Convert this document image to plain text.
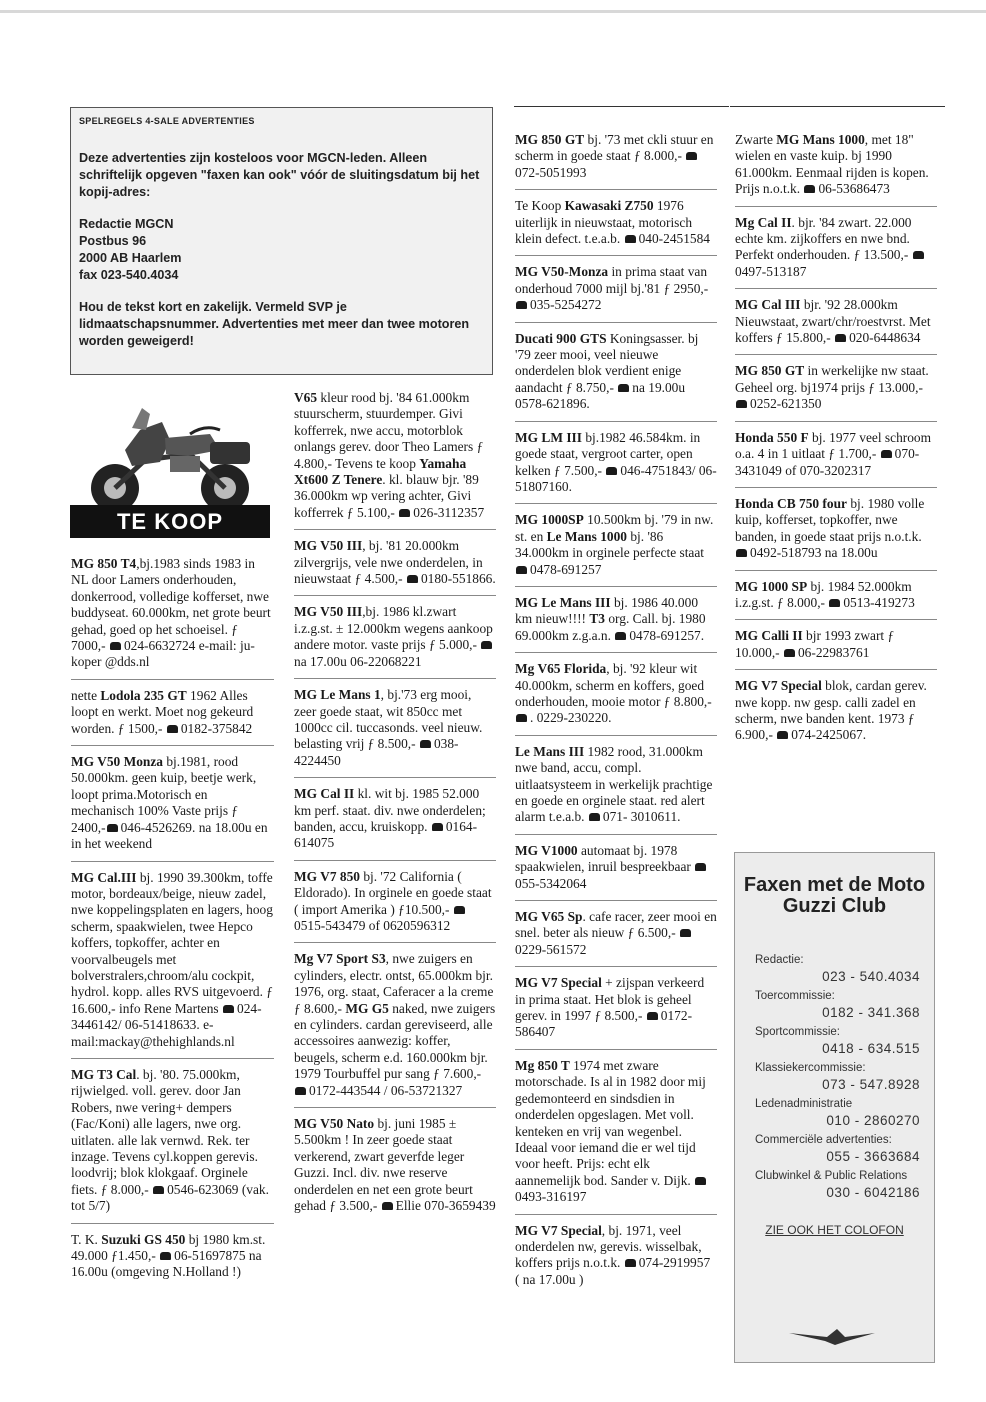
SPELREGELS 4-SALE ADVERTENTIES

Deze advertenties zijn kosteloos voor MGCN-leden. Alleen schriftelijk opgeven "faxen kan ook" vóór de sluitingsdatum bij het kopij-adres:

Redactie MGCN

Postbus 96

2000 AB Haarlem

fax 023-540.4034

Hou de tekst kort en zakelijk. Vermeld SVP je lidmaatschapsnummer. Advertenties met meer dan twee motoren worden geweigerd!

TE KOOP
MG 850 T4,bj.1983 sinds 1983 in NL door Lamers onderhouden, donkerrood, volledige kofferset, nwe buddyseat. 60.000km, net grote beurt gehad, goed op het schoeisel. ƒ 7000,- 024-6632724 e-mail: ju-koper @dds.nl
nette Lodola 235 GT 1962 Alles loopt en werkt. Moet nog gekeurd worden. ƒ 1500,- 0182-375842
MG V50 Monza bj.1981, rood 50.000km. geen kuip, beetje werk, loopt prima.Motorisch en mechanisch 100% Vaste prijs ƒ 2400,- 046-4526269. na 18.00u en in het weekend
MG Cal.III bj. 1990 39.300km, toffe motor, bordeaux/beige, nieuw zadel, nwe koppelingsplaten en lagers, hoog scherm, spaakwielen, twee Hepco koffers, topkoffer, achter en voorvalbeugels met bolverstralers,chroom/alu cockpit, hydrol. kopp. alles RVS uitgevoerd. ƒ 16.600,- info Rene Martens 024-3446142/ 06-51418633. e-mail:mackay@thehighlands.nl
MG T3 Cal. bj. '80. 75.000km, rijwielged. voll. gerev. door Jan Robers, nwe vering+ dempers (Fac/Koni) alle lagers, nwe org. uitlaten. alle lak vernwd. Rek. ter inzage. Tevens cyl.koppen gerevis. loodvrij; blok klokgaaf. Orginele fiets. ƒ 8.000,- 0546-623069 (vak. tot 5/7)
T. K. Suzuki GS 450 bj 1980 km.st. 49.000 ƒ1.450,- 06-51697875 na 16.00u (omgeving N.Holland !)
V65 kleur rood bj. '84 61.000km stuurscherm, stuurdemper. Givi kofferrek, nwe accu, motorblok onlangs gerev. door Theo Lamers ƒ 4.800,- Tevens te koop Yamaha Xt600 Z Tenere. kl. blauw bjr. '89 36.000km wp vering achter, Givi kofferrek ƒ 5.100,- 026-3112357
MG V50 III, bj. '81 20.000km zilvergrijs, vele nwe onderdelen, in nieuwstaat ƒ 4.500,- 0180-551866.
MG V50 III,bj. 1986 kl.zwart i.z.g.st. ± 12.000km wegens aankoop andere motor. vaste prijs ƒ 5.000,- na 17.00u 06-22068221
MG Le Mans 1, bj.'73 erg mooi, zeer goede staat, wit 850cc met 1000cc cil. tuccasonds. veel nieuw. belasting vrij ƒ 8.500,- 038-4224450
MG Cal II kl. wit bj. 1985 52.000 km perf. staat. div. nwe onderdelen; banden, accu, kruiskopp. 0164-614075
MG V7 850 bj. '72 California ( Eldorado). In orginele en goede staat ( import Amerika ) ƒ10.500,- 0515-543479 of 0620596312
Mg V7 Sport S3, nwe zuigers en cylinders, electr. ontst, 65.000km bjr. 1976, org. staat, Caferacer a la creme ƒ 8.600,- MG G5 naked, nwe zuigers en cylinders. cardan gereviseerd, alle accessoires aanwezig: koffer, beugels, scherm e.d. 160.000km bjr. 1979 Tourbuffel pur sang ƒ 7.600,- 0172-443544 / 06-53721327
MG V50 Nato bj. juni 1985 ± 5.500km ! In zeer goede staat verkerend, zwart geverfde leger Guzzi. Incl. div. nwe reserve onderdelen en net een grote beurt gehad ƒ 3.500,- Ellie 070-3659439
MG 850 GT bj. '73 met ckli stuur en scherm in goede staat ƒ 8.000,- 072-5051993
Te Koop Kawasaki Z750 1976 uiterlijk in nieuwstaat, motorisch klein defect. t.e.a.b. 040-2451584
MG V50-Monza in prima staat van onderhoud 7000 mijl bj.'81 ƒ 2950,- 035-5254272
Ducati 900 GTS Koningsasser. bj '79 zeer mooi, veel nieuwe onderdelen blok verdient enige aandacht ƒ 8.750,- na 19.00u 0578-621896.
MG LM III bj.1982 46.584km. in goede staat, vergroot carter, open kelken ƒ 7.500,- 046-4751843/ 06-51807160.
MG 1000SP 10.500km bj. '79 in nw. st. en Le Mans 1000 bj. '86 34.000km in orginele perfecte staat 0478-691257
MG Le Mans III bj. 1986 40.000 km nieuw!!!! T3 org. Call. bj. 1980 69.000km z.g.a.n. 0478-691257.
Mg V65 Florida, bj. '92 kleur wit 40.000km, scherm en koffers, goed onderhouden, mooie motor ƒ 8.800,- . 0229-230220.
Le Mans III 1982 rood, 31.000km nwe band, accu, compl. uitlaatsysteem in werkelijk prachtige en goede en orginele staat. red alert alarm t.e.a.b. 071- 3010611.
MG V1000 automaat bj. 1978 spaakwielen, inruil bespreekbaar 055-5342064
MG V65 Sp. cafe racer, zeer mooi en snel. beter als nieuw ƒ 6.500,- 0229-561572
MG V7 Special + zijspan verkeerd in prima staat. Het blok is geheel gerev. in 1997 ƒ 8.500,- 0172- 586407
Mg 850 T 1974 met zware motorschade. Is al in 1982 door mij gedemonteerd en sindsdien in onderdelen opgeslagen. Met voll. kenteken en vrij van wegenbel. Ideaal voor iemand die er wel tijd voor heeft. Prijs: echt elk aannemelijk bod. Sander v. Dijk. 0493-316197
MG V7 Special, bj. 1971, veel onderdelen nw, gerevis. wisselbak, koffers prijs n.o.t.k. 074-2919957 ( na 17.00u )
Zwarte MG Mans 1000, met 18" wielen en vaste kuip. bj 1990 61.000km. Eenmaal rijden is kopen. Prijs n.o.t.k. 06-53686473
Mg Cal II. bjr. '84 zwart. 22.000 echte km. zijkoffers en nwe bnd. Perfekt onderhouden. ƒ 13.500,- 0497-513187
MG Cal III bjr. '92 28.000km Nieuwstaat, zwart/chr/roestvrst. Met koffers ƒ 15.800,- 020-6448634
MG 850 GT in werkelijke nw staat. Geheel org. bj1974 prijs ƒ 13.000,- 0252-621350
Honda 550 F bj. 1977 veel schroom o.a. 4 in 1 uitlaat ƒ 1.700,- 070-3431049 of 070-3202317
Honda CB 750 four bj. 1980 volle kuip, kofferset, topkoffer, nwe banden, in goede staat prijs n.o.t.k. 0492-518793 na 18.00u
MG 1000 SP bj. 1984 52.000km i.z.g.st. ƒ 8.000,- 0513-419273
MG Calli II bjr 1993 zwart ƒ 10.000,- 06-22983761
MG V7 Special blok, cardan gerev. nwe kopp. nw gesp. calli zadel en scherm, nwe banden kent. 1973 ƒ 6.900,- 074-2425067.
Faxen met de Moto Guzzi Club
Redactie:
023 - 540.4034
Toercommissie:
0182 - 341.368
Sportcommissie:
0418 - 634.515
Klassiekercommissie:
073 - 547.8928
Ledenadministratie
010 - 2860270
Commerciële advertenties:
055 - 3663684
Clubwinkel & Public Relations
030 - 6042186
ZIE OOK HET COLOFON
